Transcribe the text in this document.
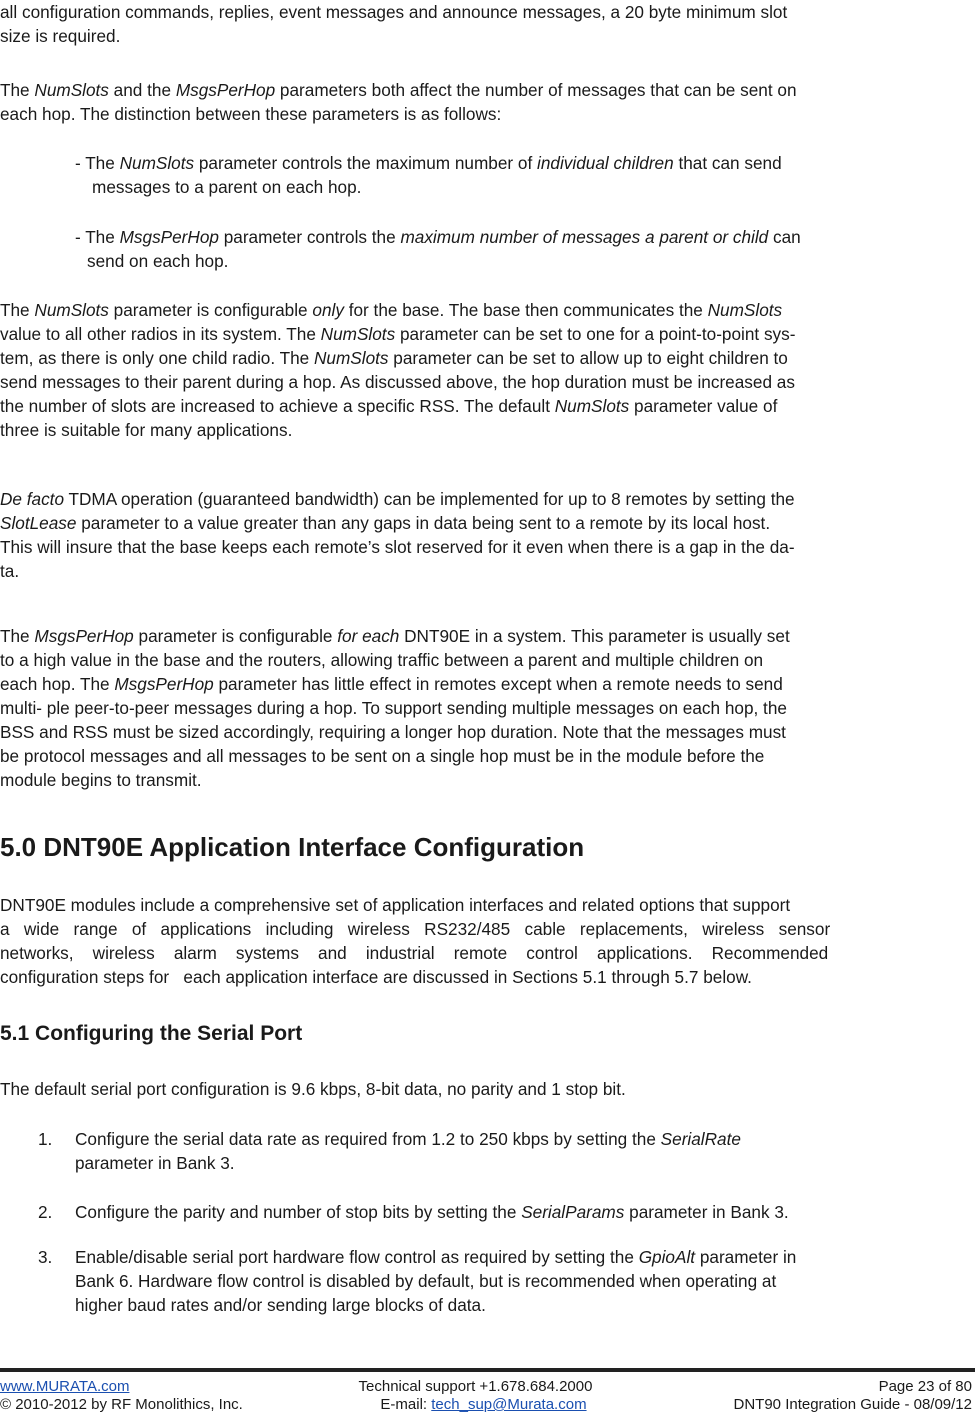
all configuration commands, replies, event messages and announce messages, a 20 byte minimum slot
size is required.

The NumSlots and the MsgsPerHop parameters both affect the number of messages that can be sent on
each hop. The distinction between these parameters is as follows:

- The NumSlots parameter controls the maximum number of individual children that can send
messages to a parent on each hop.

- The MsgsPerHop parameter controls the maximum number of messages a parent or child can
send on each hop.

The NumSlots parameter is configurable only for the base. The base then communicates the NumSlots
value to all other radios in its system. The NumSlots parameter can be set to one for a point-to-point sys-
tem, as there is only one child radio. The NumSlots parameter can be set to allow up to eight children to
send messages to their parent during a hop. As discussed above, the hop duration must be increased as
the number of slots are increased to achieve a specific RSS. The default NumSlots parameter value of
three is suitable for many applications.

De facto TDMA operation (guaranteed bandwidth) can be implemented for up to 8 remotes by setting the
SlotLease parameter to a value greater than any gaps in data being sent to a remote by its local host.
This will insure that the base keeps each remote’s slot reserved for it even when there is a gap in the da-
ta.

The MsgsPerHop parameter is configurable for each DNT90E in a system. This parameter is usually set
to a high value in the base and the routers, allowing traffic between a parent and multiple children on
each hop. The MsgsPerHop parameter has little effect in remotes except when a remote needs to send
multi- ple peer-to-peer messages during a hop. To support sending multiple messages on each hop, the
BSS and RSS must be sized accordingly, requiring a longer hop duration. Note that the messages must
be protocol messages and all messages to be sent on a single hop must be in the module before the
module begins to transmit.

5.0 DNT90E Application Interface Configuration

DNT90E modules include a comprehensive set of application interfaces and related options that support
a   wide   range   of   applications   including   wireless   RS232/485   cable   replacements,   wireless   sensor
networks,    wireless    alarm    systems    and    industrial    remote    control    applications.    Recommended
configuration steps for   each application interface are discussed in Sections 5.1 through 5.7 below.

5.1 Configuring the Serial Port

The default serial port configuration is 9.6 kbps, 8-bit data, no parity and 1 stop bit.

1. Configure the serial data rate as required from 1.2 to 250 kbps by setting the SerialRate
parameter in Bank 3.

2. Configure the parity and number of stop bits by setting the SerialParams parameter in Bank 3.

3. Enable/disable serial port hardware flow control as required by setting the GpioAlt parameter in
Bank 6. Hardware flow control is disabled by default, but is recommended when operating at
higher baud rates and/or sending large blocks of data.

www.MURATA.com
© 2010-2012 by RF Monolithics, Inc.
Technical support +1.678.684.2000
E-mail: tech_sup@Murata.com
Page 23 of 80
DNT90 Integration Guide - 08/09/12
